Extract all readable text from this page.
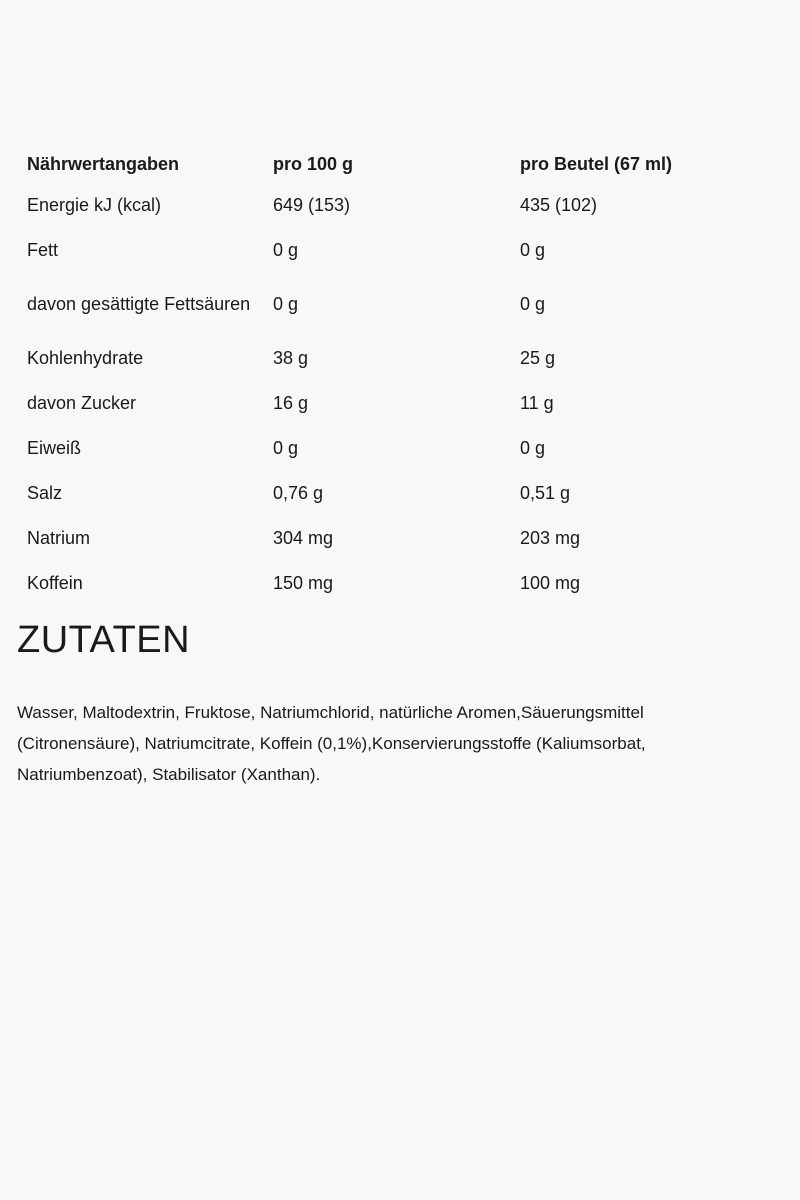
Nährwertangaben	pro 100 g	pro Beutel (67 ml)
Energie kJ (kcal)	649 (153)	435 (102)
Fett	0 g	0 g
davon gesättigte Fettsäuren	0 g	0 g
Kohlenhydrate	38 g	25 g
davon Zucker	16 g	11 g
Eiweiß	0 g	0 g
Salz	0,76 g	0,51 g
Natrium	304 mg	203 mg
Koffein	150 mg	100 mg
ZUTATEN

Wasser, Maltodextrin, Fruktose, Natriumchlorid, natürliche Aromen,Säuerungsmittel (Citronensäure), Natriumcitrate, Koffein (0,1%),Konservierungsstoffe (Kaliumsorbat, Natriumbenzoat), Stabilisator (Xanthan).
